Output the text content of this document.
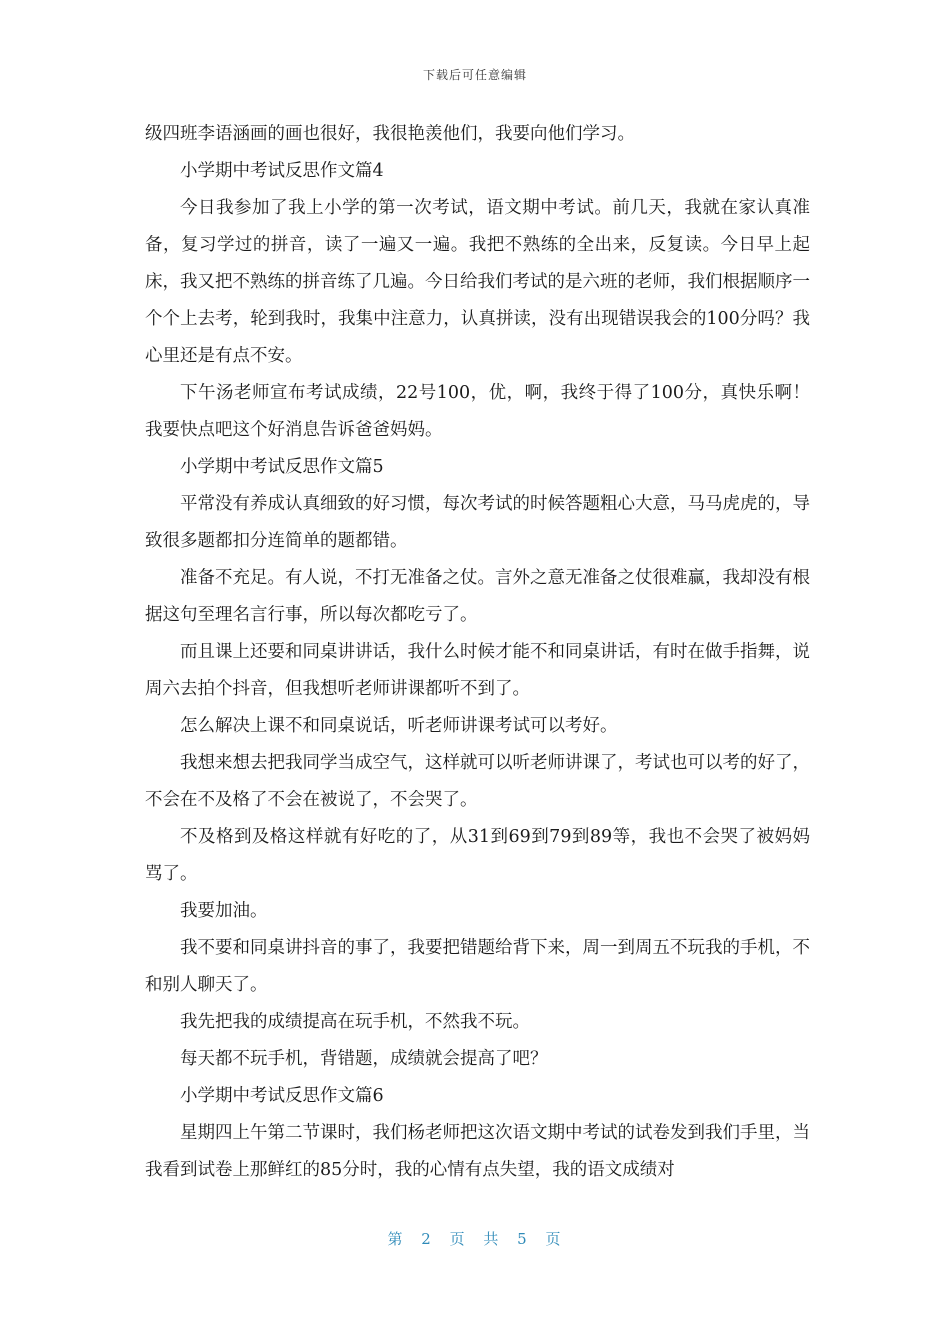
下载后可任意编辑

级四班李语涵画的画也很好，我很艳羡他们，我要向他们学习。

小学期中考试反思作文篇4

今日我参加了我上小学的第一次考试，语文期中考试。前几天，我就在家认真准备，复习学过的拼音，读了一遍又一遍。我把不熟练的全出来，反复读。今日早上起床，我又把不熟练的拼音练了几遍。今日给我们考试的是六班的老师，我们根据顺序一个个上去考，轮到我时，我集中注意力，认真拼读，没有出现错误我会的100分吗？我心里还是有点不安。

下午汤老师宣布考试成绩，22号100，优，啊，我终于得了100分，真快乐啊！我要快点吧这个好消息告诉爸爸妈妈。

小学期中考试反思作文篇5

平常没有养成认真细致的好习惯，每次考试的时候答题粗心大意，马马虎虎的，导致很多题都扣分连简单的题都错。

准备不充足。有人说，不打无准备之仗。言外之意无准备之仗很难赢，我却没有根据这句至理名言行事，所以每次都吃亏了。

而且课上还要和同桌讲讲话，我什么时候才能不和同桌讲话，有时在做手指舞，说周六去拍个抖音，但我想听老师讲课都听不到了。

怎么解决上课不和同桌说话，听老师讲课考试可以考好。

我想来想去把我同学当成空气，这样就可以听老师讲课了，考试也可以考的好了，不会在不及格了不会在被说了，不会哭了。

不及格到及格这样就有好吃的了，从31到69到79到89等，我也不会哭了被妈妈骂了。

我要加油。

我不要和同桌讲抖音的事了，我要把错题给背下来，周一到周五不玩我的手机，不和别人聊天了。

我先把我的成绩提高在玩手机，不然我不玩。

每天都不玩手机，背错题，成绩就会提高了吧？

小学期中考试反思作文篇6

星期四上午第二节课时，我们杨老师把这次语文期中考试的试卷发到我们手里，当我看到试卷上那鲜红的85分时，我的心情有点失望，我的语文成绩对

第 2 页 共 5 页
